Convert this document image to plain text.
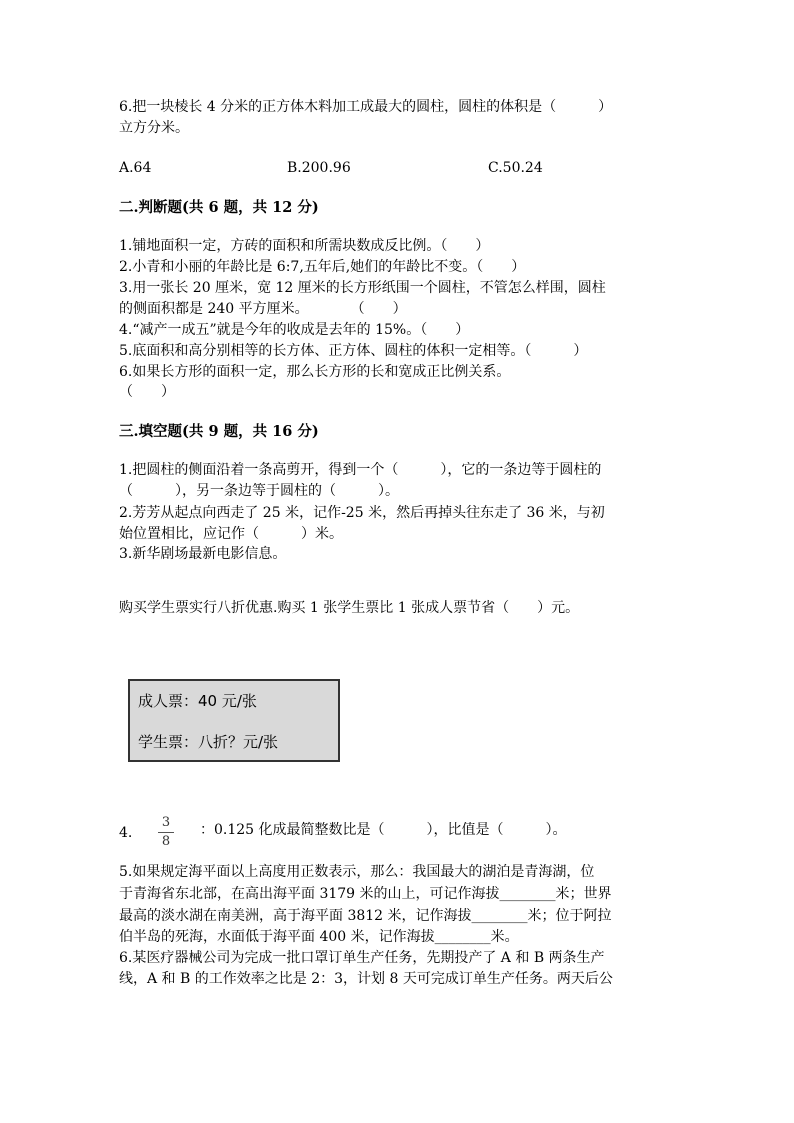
6.把一块棱长 4 分米的正方体木料加工成最大的圆柱，圆柱的体积是（　　　）
立方分米。
A.64	B.200.96	C.50.24
二.判断题(共 6 题，共 12 分)
1.铺地面积一定，方砖的面积和所需块数成反比例。（　　）
2.小青和小丽的年龄比是 6:7,五年后,她们的年龄比不变。（　　）
3.用一张长 20 厘米，宽 12 厘米的长方形纸围一个圆柱，不管怎么样围，圆柱
的侧面积都是 240 平方厘米。　　　　（　　）
4.“减产一成五”就是今年的收成是去年的 15%。（　　）
5.底面积和高分别相等的长方体、正方体、圆柱的体积一定相等。（　　　）
6.如果长方形的面积一定，那么长方形的长和宽成正比例关系。
（　　）
三.填空题(共 9 题，共 16 分)
1.把圆柱的侧面沿着一条高剪开，得到一个（　　　），它的一条边等于圆柱的
（　　　），另一条边等于圆柱的（　　　）。
2.芳芳从起点向西走了 25 米，记作-25 米，然后再掉头往东走了 36 米，与初
始位置相比，应记作（　　　）米。
3.新华剧场最新电影信息。
购买学生票实行八折优惠.购买 1 张学生票比 1 张成人票节省（　　）元。
成人票：40 元/张
学生票：八折？元/张
4.
3
8
：0.125 化成最简整数比是（　　　），比值是（　　　）。
5.如果规定海平面以上高度用正数表示，那么：我国最大的湖泊是青海湖，位
于青海省东北部，在高出海平面 3179 米的山上，可记作海拔________米；世界
最高的淡水湖在南美洲，高于海平面 3812 米，记作海拔________米；位于阿拉
伯半岛的死海，水面低于海平面 400 米，记作海拔________米。
6.某医疗器械公司为完成一批口罩订单生产任务，先期投产了 A 和 B 两条生产
线，A 和 B 的工作效率之比是 2：3，计划 8 天可完成订单生产任务。两天后公
